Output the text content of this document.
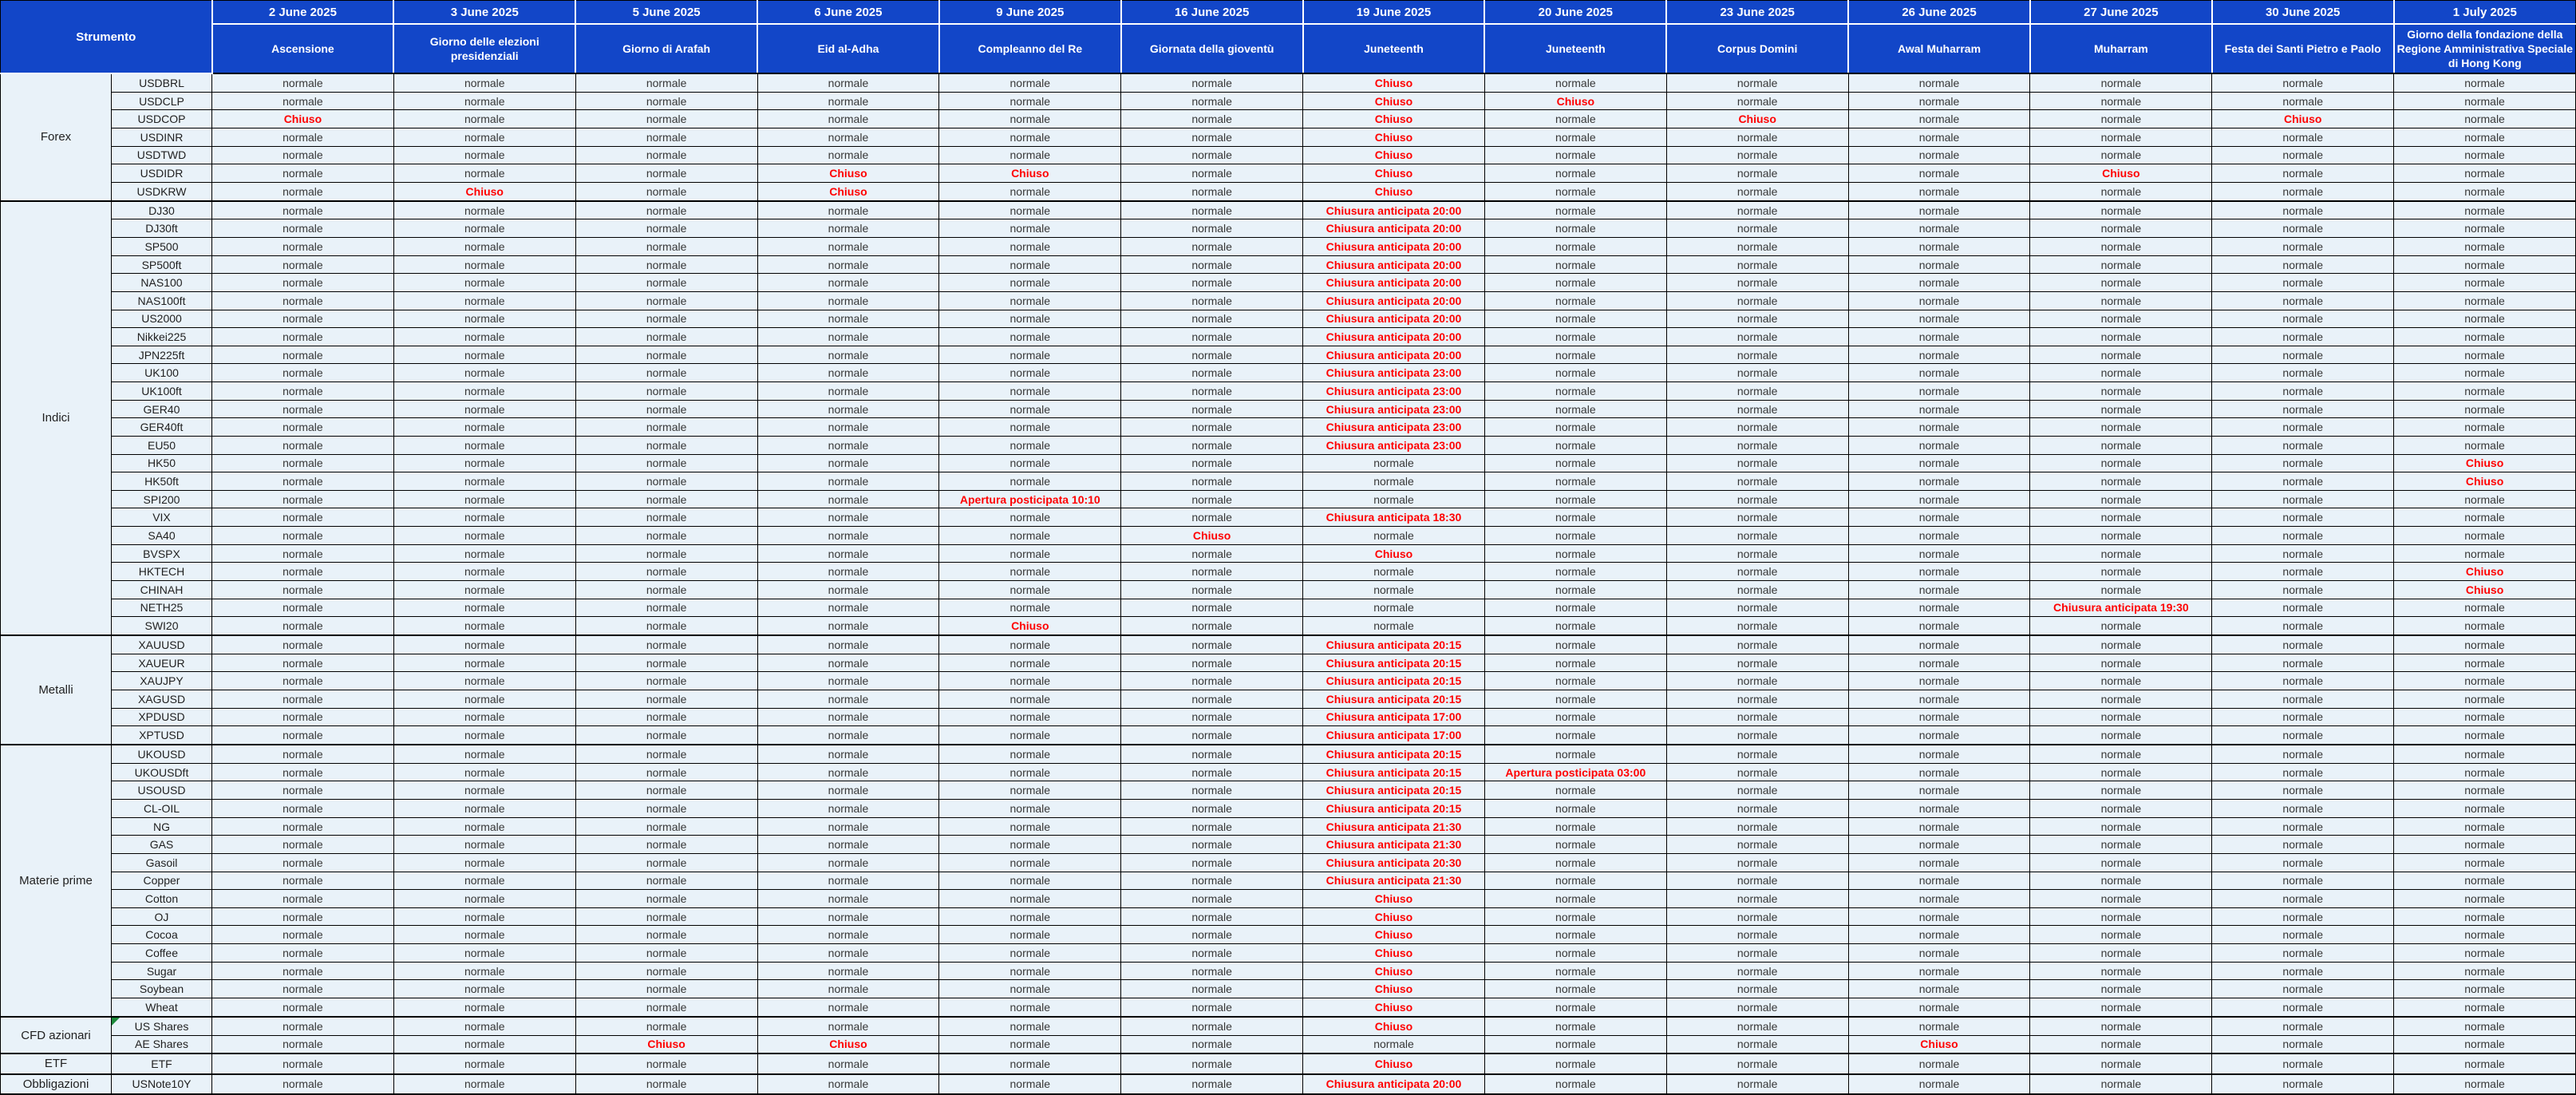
Strumento		2 June 2025	3 June 2025	5 June 2025	6 June 2025	9 June 2025	16 June 2025	19 June 2025	20 June 2025	23 June 2025	26 June 2025	27 June 2025	30 June 2025	1 July 2025
		Ascensione	Giorno delle elezioni presidenziali	Giorno di Arafah	Eid al-Adha	Compleanno del Re	Giornata della gioventù	Juneteenth	Juneteenth	Corpus Domini	Awal Muharram	Muharram	Festa dei Santi Pietro e Paolo	Giorno della fondazione della Regione Amministrativa Speciale di Hong Kong
Forex	USDBRL	normale	normale	normale	normale	normale	normale	Chiuso	normale	normale	normale	normale	normale	normale
	USDCLP	normale	normale	normale	normale	normale	normale	Chiuso	Chiuso	normale	normale	normale	normale	normale
	USDCOP	Chiuso	normale	normale	normale	normale	normale	Chiuso	normale	Chiuso	normale	normale	Chiuso	normale
	USDINR	normale	normale	normale	normale	normale	normale	Chiuso	normale	normale	normale	normale	normale	normale
	USDTWD	normale	normale	normale	normale	normale	normale	Chiuso	normale	normale	normale	normale	normale	normale
	USDIDR	normale	normale	normale	Chiuso	Chiuso	normale	Chiuso	normale	normale	normale	Chiuso	normale	normale
	USDKRW	normale	Chiuso	normale	Chiuso	normale	normale	Chiuso	normale	normale	normale	normale	normale	normale
Indici	DJ30	normale	normale	normale	normale	normale	normale	Chiusura anticipata 20:00	normale	normale	normale	normale	normale	normale
	DJ30ft	normale	normale	normale	normale	normale	normale	Chiusura anticipata 20:00	normale	normale	normale	normale	normale	normale
	SP500	normale	normale	normale	normale	normale	normale	Chiusura anticipata 20:00	normale	normale	normale	normale	normale	normale
	SP500ft	normale	normale	normale	normale	normale	normale	Chiusura anticipata 20:00	normale	normale	normale	normale	normale	normale
	NAS100	normale	normale	normale	normale	normale	normale	Chiusura anticipata 20:00	normale	normale	normale	normale	normale	normale
	NAS100ft	normale	normale	normale	normale	normale	normale	Chiusura anticipata 20:00	normale	normale	normale	normale	normale	normale
	US2000	normale	normale	normale	normale	normale	normale	Chiusura anticipata 20:00	normale	normale	normale	normale	normale	normale
	Nikkei225	normale	normale	normale	normale	normale	normale	Chiusura anticipata 20:00	normale	normale	normale	normale	normale	normale
	JPN225ft	normale	normale	normale	normale	normale	normale	Chiusura anticipata 20:00	normale	normale	normale	normale	normale	normale
	UK100	normale	normale	normale	normale	normale	normale	Chiusura anticipata 23:00	normale	normale	normale	normale	normale	normale
	UK100ft	normale	normale	normale	normale	normale	normale	Chiusura anticipata 23:00	normale	normale	normale	normale	normale	normale
	GER40	normale	normale	normale	normale	normale	normale	Chiusura anticipata 23:00	normale	normale	normale	normale	normale	normale
	GER40ft	normale	normale	normale	normale	normale	normale	Chiusura anticipata 23:00	normale	normale	normale	normale	normale	normale
	EU50	normale	normale	normale	normale	normale	normale	Chiusura anticipata 23:00	normale	normale	normale	normale	normale	normale
	HK50	normale	normale	normale	normale	normale	normale	normale	normale	normale	normale	normale	normale	Chiuso
	HK50ft	normale	normale	normale	normale	normale	normale	normale	normale	normale	normale	normale	normale	Chiuso
	SPI200	normale	normale	normale	normale	Apertura posticipata 10:10	normale	normale	normale	normale	normale	normale	normale	normale
	VIX	normale	normale	normale	normale	normale	normale	Chiusura anticipata 18:30	normale	normale	normale	normale	normale	normale
	SA40	normale	normale	normale	normale	normale	Chiuso	normale	normale	normale	normale	normale	normale	normale
	BVSPX	normale	normale	normale	normale	normale	normale	Chiuso	normale	normale	normale	normale	normale	normale
	HKTECH	normale	normale	normale	normale	normale	normale	normale	normale	normale	normale	normale	normale	Chiuso
	CHINAH	normale	normale	normale	normale	normale	normale	normale	normale	normale	normale	normale	normale	Chiuso
	NETH25	normale	normale	normale	normale	normale	normale	normale	normale	normale	normale	Chiusura anticipata 19:30	normale	normale
	SWI20	normale	normale	normale	normale	Chiuso	normale	normale	normale	normale	normale	normale	normale	normale
Metalli	XAUUSD	normale	normale	normale	normale	normale	normale	Chiusura anticipata 20:15	normale	normale	normale	normale	normale	normale
	XAUEUR	normale	normale	normale	normale	normale	normale	Chiusura anticipata 20:15	normale	normale	normale	normale	normale	normale
	XAUJPY	normale	normale	normale	normale	normale	normale	Chiusura anticipata 20:15	normale	normale	normale	normale	normale	normale
	XAGUSD	normale	normale	normale	normale	normale	normale	Chiusura anticipata 20:15	normale	normale	normale	normale	normale	normale
	XPDUSD	normale	normale	normale	normale	normale	normale	Chiusura anticipata 17:00	normale	normale	normale	normale	normale	normale
	XPTUSD	normale	normale	normale	normale	normale	normale	Chiusura anticipata 17:00	normale	normale	normale	normale	normale	normale
Materie prime	UKOUSD	normale	normale	normale	normale	normale	normale	Chiusura anticipata 20:15	normale	normale	normale	normale	normale	normale
	UKOUSDft	normale	normale	normale	normale	normale	normale	Chiusura anticipata 20:15	Apertura posticipata 03:00	normale	normale	normale	normale	normale
	USOUSD	normale	normale	normale	normale	normale	normale	Chiusura anticipata 20:15	normale	normale	normale	normale	normale	normale
	CL-OIL	normale	normale	normale	normale	normale	normale	Chiusura anticipata 20:15	normale	normale	normale	normale	normale	normale
	NG	normale	normale	normale	normale	normale	normale	Chiusura anticipata 21:30	normale	normale	normale	normale	normale	normale
	GAS	normale	normale	normale	normale	normale	normale	Chiusura anticipata 21:30	normale	normale	normale	normale	normale	normale
	Gasoil	normale	normale	normale	normale	normale	normale	Chiusura anticipata 20:30	normale	normale	normale	normale	normale	normale
	Copper	normale	normale	normale	normale	normale	normale	Chiusura anticipata 21:30	normale	normale	normale	normale	normale	normale
	Cotton	normale	normale	normale	normale	normale	normale	Chiuso	normale	normale	normale	normale	normale	normale
	OJ	normale	normale	normale	normale	normale	normale	Chiuso	normale	normale	normale	normale	normale	normale
	Cocoa	normale	normale	normale	normale	normale	normale	Chiuso	normale	normale	normale	normale	normale	normale
	Coffee	normale	normale	normale	normale	normale	normale	Chiuso	normale	normale	normale	normale	normale	normale
	Sugar	normale	normale	normale	normale	normale	normale	Chiuso	normale	normale	normale	normale	normale	normale
	Soybean	normale	normale	normale	normale	normale	normale	Chiuso	normale	normale	normale	normale	normale	normale
	Wheat	normale	normale	normale	normale	normale	normale	Chiuso	normale	normale	normale	normale	normale	normale
CFD azionari	US Shares	normale	normale	normale	normale	normale	normale	Chiuso	normale	normale	normale	normale	normale	normale
	AE Shares	normale	normale	Chiuso	Chiuso	normale	normale	normale	normale	normale	Chiuso	normale	normale	normale
ETF	ETF	normale	normale	normale	normale	normale	normale	Chiuso	normale	normale	normale	normale	normale	normale
Obbligazioni	USNote10Y	normale	normale	normale	normale	normale	normale	Chiusura anticipata 20:00	normale	normale	normale	normale	normale	normale
